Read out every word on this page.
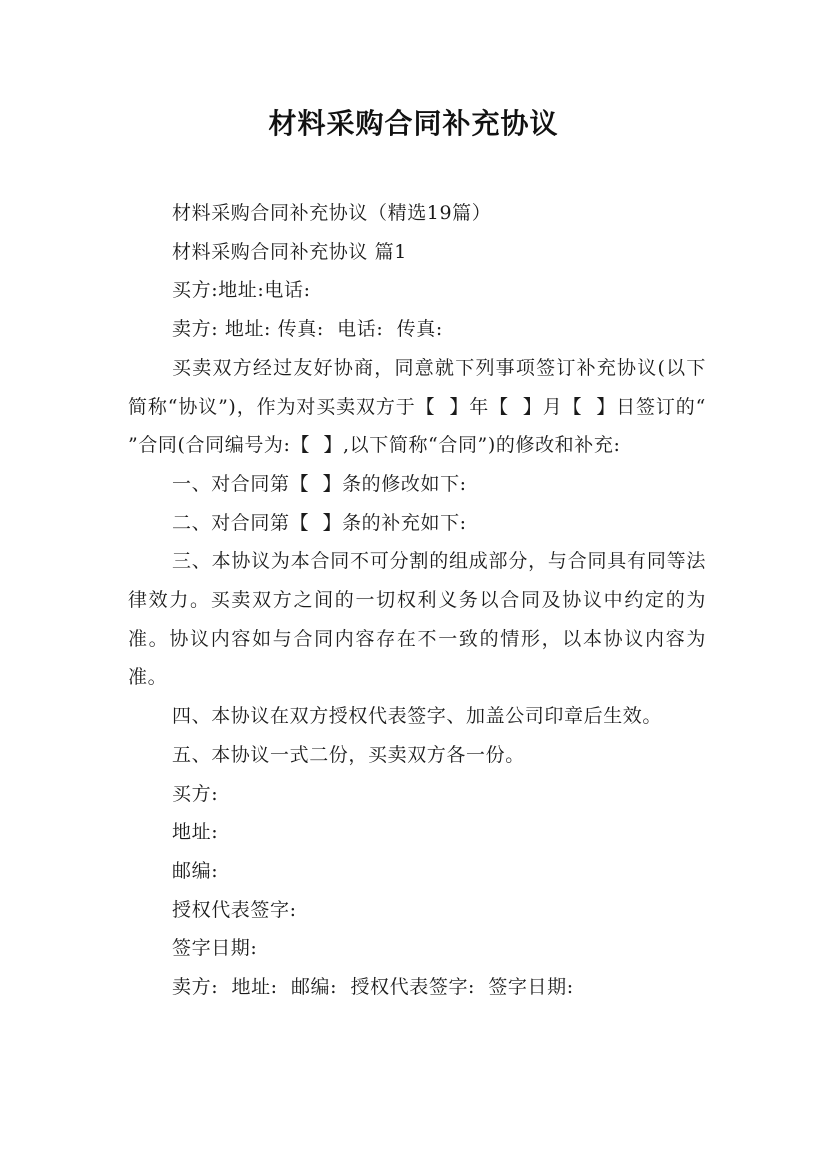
材料采购合同补充协议

材料采购合同补充协议（精选19篇）

材料采购合同补充协议 篇1

买方:地址:电话:

卖方: 地址: 传真:  电话:  传真:

买卖双方经过友好协商，同意就下列事项签订补充协议(以下简称“协议”)，作为对买卖双方于【  】年【  】月【  】日签订的“  ”合同(合同编号为:【  】,以下简称“合同”)的修改和补充:

一、对合同第【  】条的修改如下:

二、对合同第【  】条的补充如下:

三、本协议为本合同不可分割的组成部分，与合同具有同等法律效力。买卖双方之间的一切权利义务以合同及协议中约定的为准。协议内容如与合同内容存在不一致的情形，以本协议内容为准。

四、本协议在双方授权代表签字、加盖公司印章后生效。

五、本协议一式二份，买卖双方各一份。

买方:

地址:

邮编:

授权代表签字:

签字日期:

卖方:  地址:  邮编:  授权代表签字:  签字日期:
